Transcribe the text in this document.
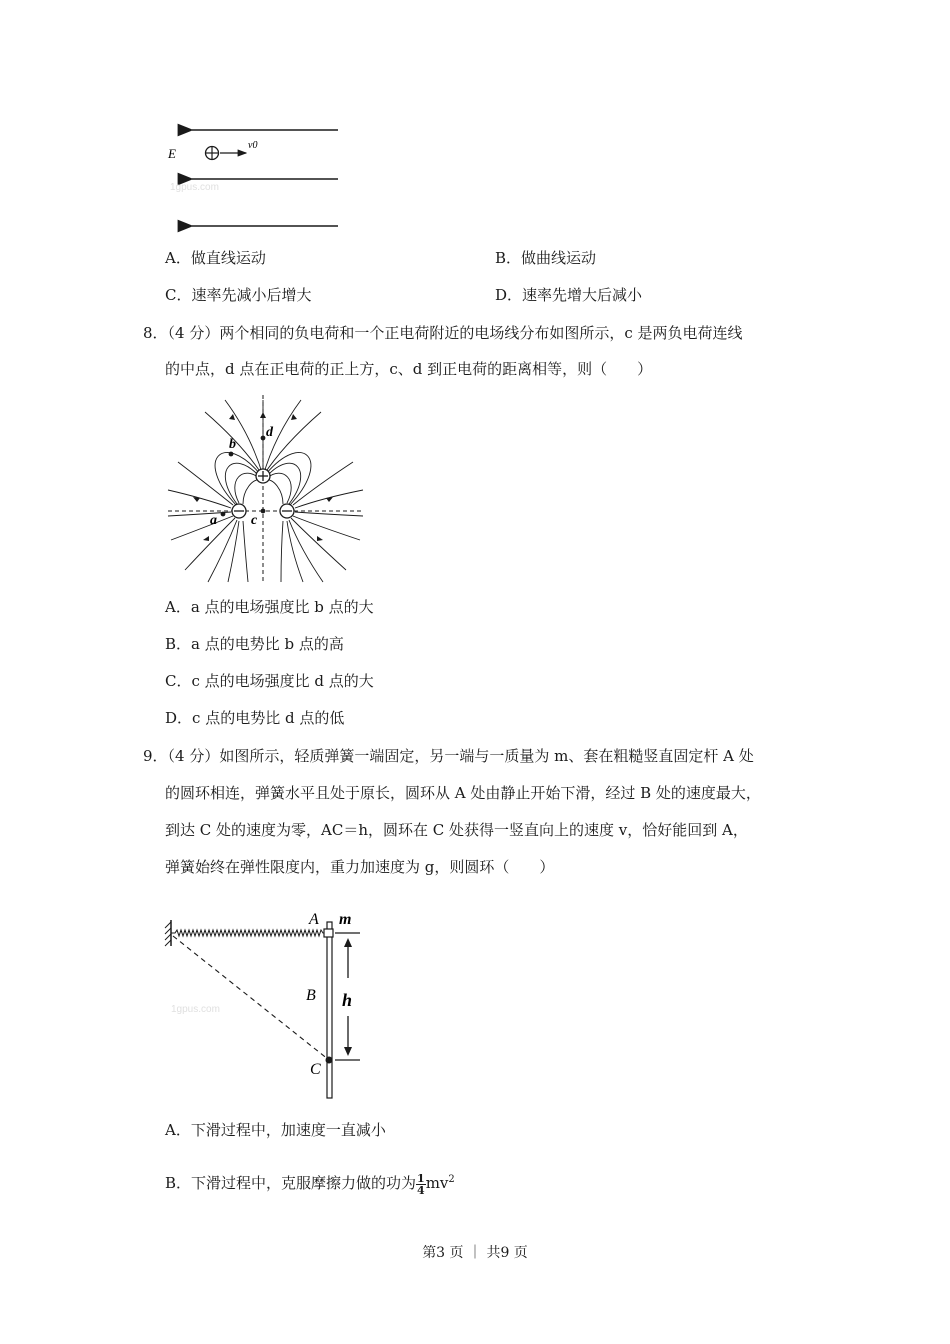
E
v0
1gpus.com
A．做直线运动	B．做曲线运动
C．速率先减小后增大	D．速率先增大后减小
8．（4 分）两个相同的负电荷和一个正电荷附近的电场线分布如图所示，c 是两负电荷连线
的中点，d 点在正电荷的正上方，c、d 到正电荷的距离相等，则（　　）
d
b
a c
A．a 点的电场强度比 b 点的大
B．a 点的电势比 b 点的高
C．c 点的电场强度比 d 点的大
D．c 点的电势比 d 点的低
9．（4 分）如图所示，轻质弹簧一端固定，另一端与一质量为 m、套在粗糙竖直固定杆 A 处
的圆环相连，弹簧水平且处于原长，圆环从 A 处由静止开始下滑，经过 B 处的速度最大，
到达 C 处的速度为零，AC＝h，圆环在 C 处获得一竖直向上的速度 v，恰好能回到 A，
弹簧始终在弹性限度内，重力加速度为 g，则圆环（　　）
A m
B h
C
1gpus.com
A．下滑过程中，加速度一直减小
B．下滑过程中，克服摩擦力做的功为 $\frac{1}{4} mv^2$
第3 页 ｜ 共9 页
